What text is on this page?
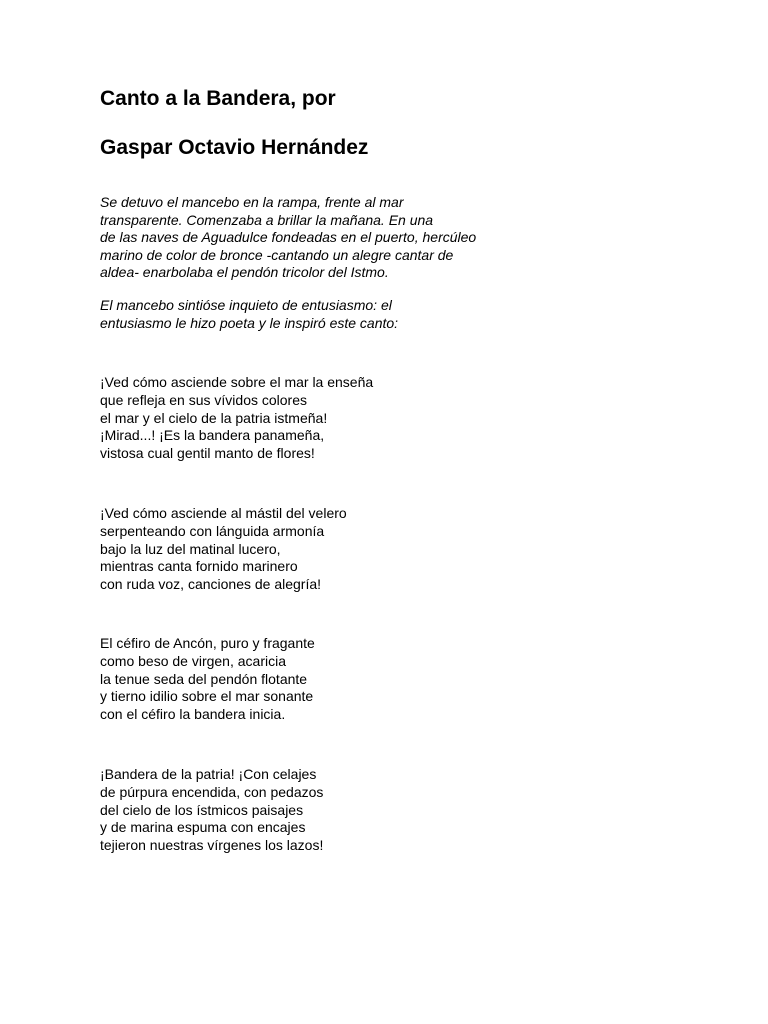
Canto a la Bandera, por
Gaspar Octavio Hernández

Se detuvo el mancebo en la rampa, frente al mar
transparente. Comenzaba a brillar la mañana. En una
de las naves de Aguadulce fondeadas en el puerto, hercúleo
marino de color de bronce -cantando un alegre cantar de
aldea- enarbolaba el pendón tricolor del Istmo.

El mancebo sintióse inquieto de entusiasmo: el
entusiasmo le hizo poeta y le inspiró este canto:

¡Ved cómo asciende sobre el mar la enseña
que refleja en sus vívidos colores
el mar y el cielo de la patria istmeña!
¡Mirad...! ¡Es la bandera panameña,
vistosa cual gentil manto de flores!

¡Ved cómo asciende al mástil del velero
serpenteando con lánguida armonía
bajo la luz del matinal lucero,
mientras canta fornido marinero
con ruda voz, canciones de alegría!

El céfiro de Ancón, puro y fragante
como beso de virgen, acaricia
la tenue seda del pendón flotante
y tierno idilio sobre el mar sonante
con el céfiro la bandera inicia.

¡Bandera de la patria! ¡Con celajes
de púrpura encendida, con pedazos
del cielo de los ístmicos paisajes
y de marina espuma con encajes
tejieron nuestras vírgenes los lazos!
